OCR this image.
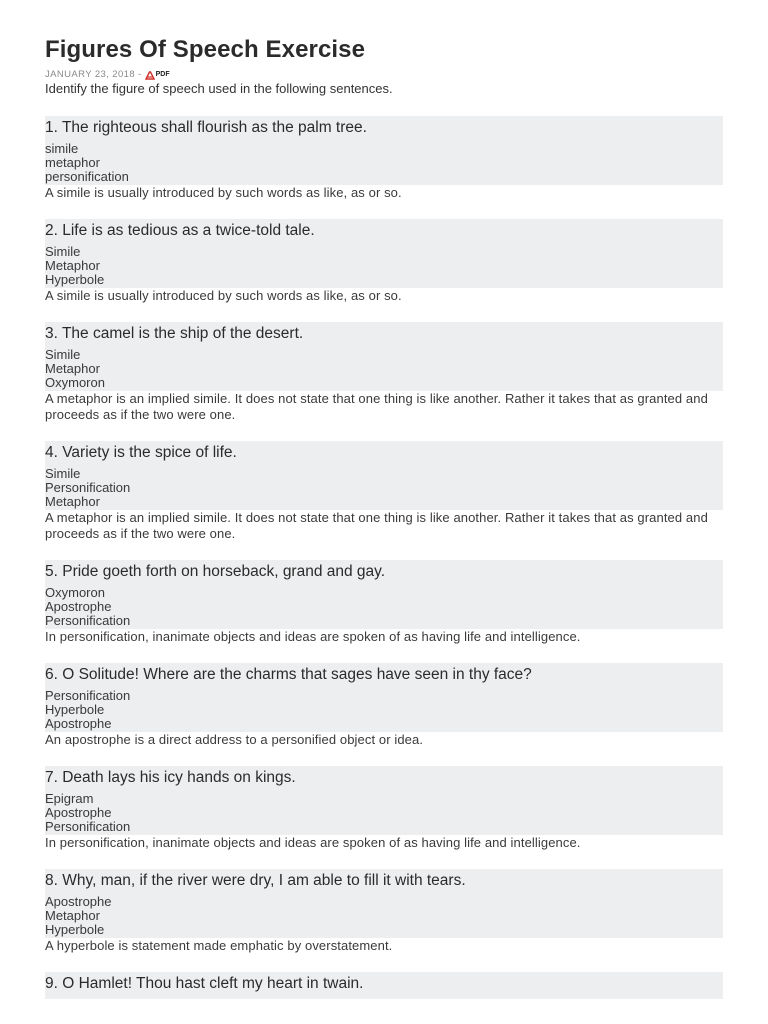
Figures Of Speech Exercise
JANUARY 23, 2018 - PDF
Identify the figure of speech used in the following sentences.

1. The righteous shall flourish as the palm tree.

simile
metaphor
personification

A simile is usually introduced by such words as like, as or so.

2. Life is as tedious as a twice-told tale.

Simile
Metaphor
Hyperbole

A simile is usually introduced by such words as like, as or so.

3. The camel is the ship of the desert.

Simile
Metaphor
Oxymoron

A metaphor is an implied simile. It does not state that one thing is like another. Rather it takes that as granted and proceeds as if the two were one.

4. Variety is the spice of life.

Simile
Personification
Metaphor

A metaphor is an implied simile. It does not state that one thing is like another. Rather it takes that as granted and proceeds as if the two were one.

5. Pride goeth forth on horseback, grand and gay.

Oxymoron
Apostrophe
Personification

In personification, inanimate objects and ideas are spoken of as having life and intelligence.

6. O Solitude! Where are the charms that sages have seen in thy face?

Personification
Hyperbole
Apostrophe

An apostrophe is a direct address to a personified object or idea.

7. Death lays his icy hands on kings.

Epigram
Apostrophe
Personification

In personification, inanimate objects and ideas are spoken of as having life and intelligence.

8. Why, man, if the river were dry, I am able to fill it with tears.

Apostrophe
Metaphor
Hyperbole

A hyperbole is statement made emphatic by overstatement.

9. O Hamlet! Thou hast cleft my heart in twain.
